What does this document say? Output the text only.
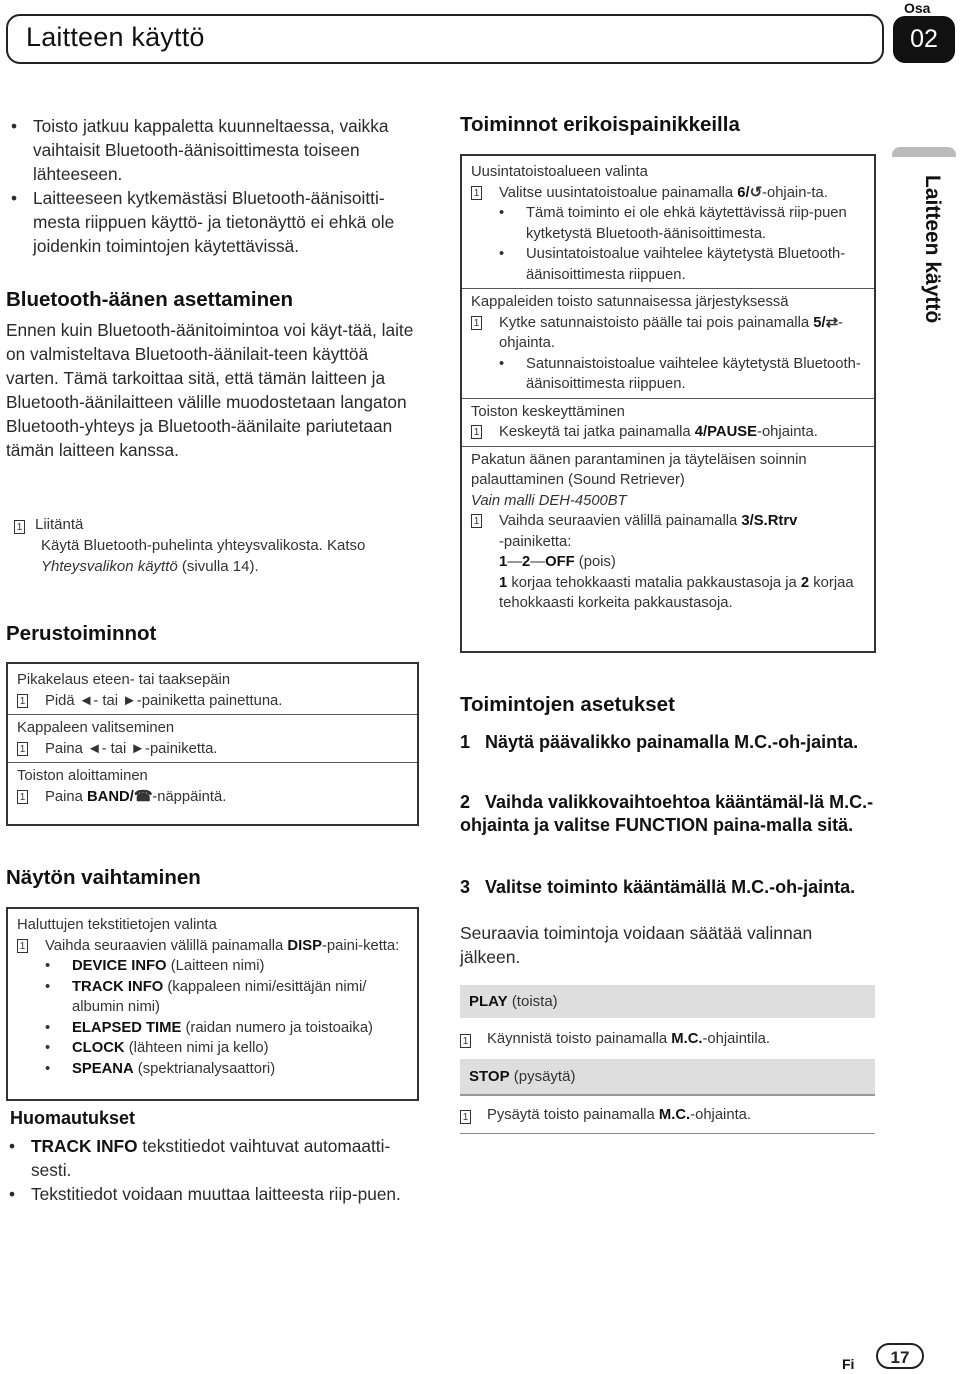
Laitteen käyttö
Osa
02
Laitteen käyttö
• Toisto jatkuu kappaletta kuunneltaessa, vaikka vaihtaisit Bluetooth-äänisoittimesta toiseen lähteeseen.
• Laitteeseen kytkemästäsi Bluetooth-äänisoitti-mesta riippuen käyttö- ja tietonäyttö ei ehkä ole joidenkin toimintojen käytettävissä.
Bluetooth-äänen asettaminen
Ennen kuin Bluetooth-äänitoimintoa voi käyt-tää, laite on valmisteltava Bluetooth-äänilait-teen käyttöä varten. Tämä tarkoittaa sitä, että tämän laitteen ja Bluetooth-äänilaitteen välille muodostetaan langaton Bluetooth-yhteys ja Bluetooth-äänilaite pariutetaan tämän laitteen kanssa.
1 Liitäntä
Käytä Bluetooth-puhelinta yhteysvalikosta. Katso
Yhteysvalikon käyttö (sivulla 14).
Perustoiminnot
Pikakelaus eteen- tai taaksepäin
1 Pidä ◄- tai ►-painiketta painettuna.
Kappaleen valitseminen
1 Paina ◄- tai ►-painiketta.
Toiston aloittaminen
1 Paina BAND/☎-näppäintä.
Näytön vaihtaminen
Haluttujen tekstitietojen valinta
1 Vaihda seuraavien välillä painamalla DISP-paini-ketta:
• DEVICE INFO (Laitteen nimi)
• TRACK INFO (kappaleen nimi/esittäjän nimi/ albumin nimi)
• ELAPSED TIME (raidan numero ja toistoaika)
• CLOCK (lähteen nimi ja kello)
• SPEANA (spektrianalysaattori)
Huomautukset
• TRACK INFO tekstitiedot vaihtuvat automaatti-sesti.
• Tekstitiedot voidaan muuttaa laitteesta riip-puen.
Toiminnot erikoispainikkeilla
Uusintatoistoalueen valinta
1 Valitse uusintatoistoalue painamalla 6/↺-ohjain-ta.
• Tämä toiminto ei ole ehkä käytettävissä riip-puen kytketystä Bluetooth-äänisoittimesta.
• Uusintatoistoalue vaihtelee käytetystä Bluetooth-äänisoittimesta riippuen.
Kappaleiden toisto satunnaisessa järjestyksessä
1 Kytke satunnaistoisto päälle tai pois painamalla 5/⇄-ohjainta.
• Satunnaistoistoalue vaihtelee käytetystä Bluetooth-äänisoittimesta riippuen.
Toiston keskeyttäminen
1 Keskeytä tai jatka painamalla 4/PAUSE-ohjainta.
Pakatun äänen parantaminen ja täyteläisen soinnin palauttaminen (Sound Retriever)
Vain malli DEH-4500BT
1 Vaihda seuraavien välillä painamalla 3/S.Rtrv
-painiketta:
1—2—OFF (pois)
1 korjaa tehokkaasti matalia pakkaustasoja ja 2 korjaa tehokkaasti korkeita pakkaustasoja.
Toimintojen asetukset
1 Näytä päävalikko painamalla M.C.-oh-jainta.
2 Vaihda valikkovaihtoehtoa kääntämäl-lä M.C.-ohjainta ja valitse FUNCTION paina-malla sitä.
3 Valitse toiminto kääntämällä M.C.-oh-jainta.
Seuraavia toimintoja voidaan säätää valinnan jälkeen.
PLAY (toista)
1 Käynnistä toisto painamalla M.C.-ohjaintila.
STOP (pysäytä)
1 Pysäytä toisto painamalla M.C.-ohjainta.
Fi	17
